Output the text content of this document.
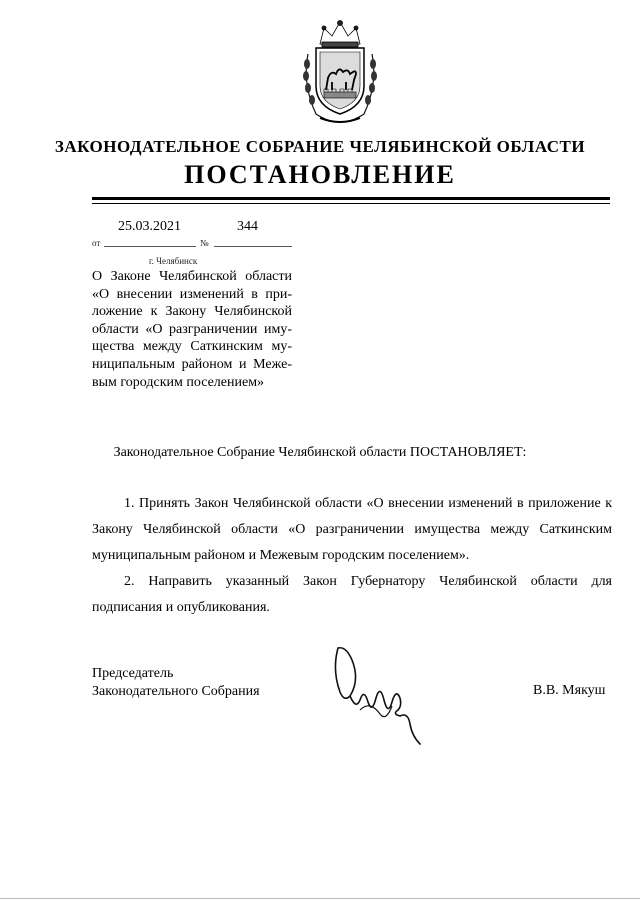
ЗАКОНОДАТЕЛЬНОЕ СОБРАНИЕ ЧЕЛЯБИНСКОЙ ОБЛАСТИ
ПОСТАНОВЛЕНИЕ
25.03.2021	344
от	№
г. Челябинск
О Законе Челябинской области
«О внесении изменений в при-
ложение к Закону Челябинской
области «О разграничении иму-
щества между Саткинским му-
ниципальным районом и Меже-
вым городским поселением»
Законодательное Собрание Челябинской области ПОСТАНОВЛЯЕТ:
1. Принять Закон Челябинской области «О внесении изменений в приложение к
Закону Челябинской области «О разграничении имущества между Саткинским
муниципальным районом и Межевым городским поселением».
2. Направить указанный Закон Губернатору Челябинской области для
подписания и опубликования.
Председатель
Законодательного Собрания	В.В. Мякуш
